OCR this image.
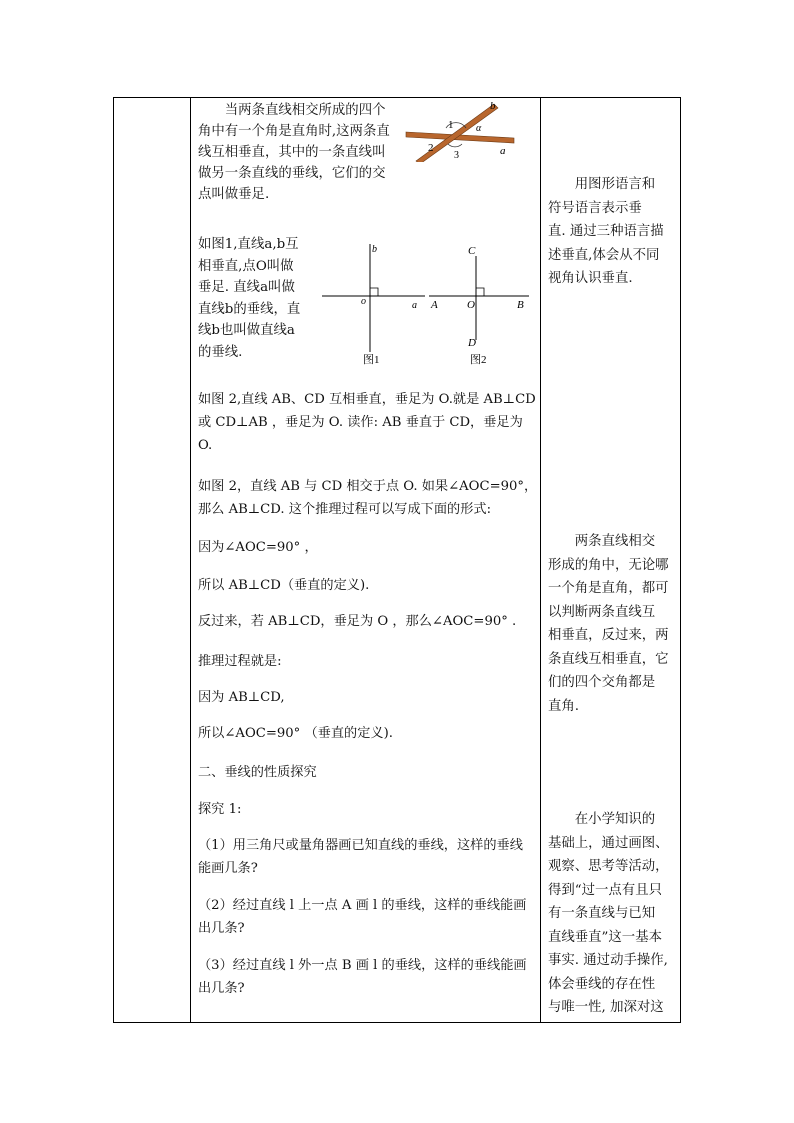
当两条直线相交所成的四个
角中有一个角是直角时,这两条直
线互相垂直，其中的一条直线叫
做另一条直线的垂线，它们的交
点叫做垂足.
b
1 α
2
3	a
如图1,直线a,b互
相垂直,点O叫做
垂足. 直线a叫做
直线b的垂线，直
线b也叫做直线a
的垂线.
b
o	a
图1
C
A	O	B
D
图2
如图 2,直线 AB、CD 互相垂直，垂足为 O.就是 AB⊥CD
或 CD⊥AB ，垂足为 O. 读作: AB 垂直于 CD，垂足为
O.
如图 2，直线 AB 与 CD 相交于点 O. 如果∠AOC=90°，
那么 AB⊥CD. 这个推理过程可以写成下面的形式:
因为∠AOC=90° ，
所以 AB⊥CD（垂直的定义).
反过来，若 AB⊥CD，垂足为 O ，那么∠AOC=90° .
推理过程就是:
因为 AB⊥CD,
所以∠AOC=90° （垂直的定义).
二、垂线的性质探究
探究 1:
（1）用三角尺或量角器画已知直线的垂线，这样的垂线
能画几条?
（2）经过直线 l 上一点 A 画 l 的垂线，这样的垂线能画
出几条?
（3）经过直线 l 外一点 B 画 l 的垂线，这样的垂线能画
出几条?
用图形语言和
符号语言表示垂
直. 通过三种语言描
述垂直,体会从不同
视角认识垂直.
两条直线相交
形成的角中，无论哪
一个角是直角，都可
以判断两条直线互
相垂直，反过来，两
条直线互相垂直，它
们的四个交角都是
直角.
在小学知识的
基础上，通过画图、
观察、思考等活动，
得到“过一点有且只
有一条直线与已知
直线垂直”这一基本
事实. 通过动手操作,
体会垂线的存在性
与唯一性, 加深对这
